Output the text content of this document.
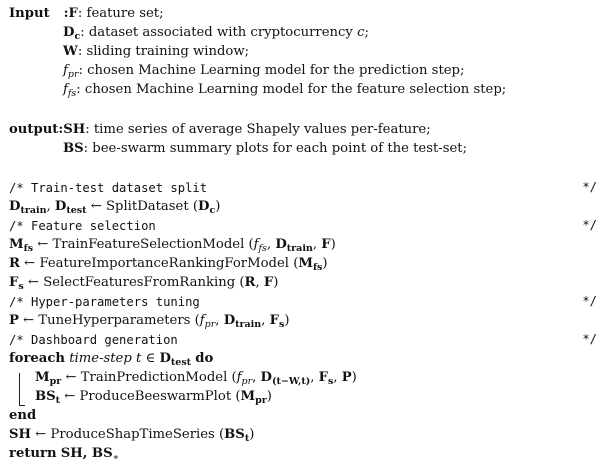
Input :F: feature set;
$D_c$: dataset associated with cryptocurrency c;
W: sliding training window;
$f_{pr}$: chosen Machine Learning model for the prediction step;
$f_{fs}$: chosen Machine Learning model for the feature selection step;
output:SH: time series of average Shapely values per-feature;
BS: bee-swarm summary plots for each point of the test-set;
/* Train-test dataset split	*/
$D_{train}$, $D_{test}$ ← SplitDataset $(D_c)$
/* Feature selection	*/
$M_{fs}$ ← TrainFeatureSelectionModel ($f_{fs}$, $D_{train}$, F)
R ← FeatureImportanceRankingForModel $(M_{fs})$
$F_s$ ← SelectFeaturesFromRanking (R, F)
/* Hyper-parameters tuning	*/
P ← TuneHyperparameters ($f_{pr}$, $D_{train}$, $F_s$)
/* Dashboard generation	*/
foreach time-step t ∈ $D_{test}$ do
$M_{pr}$ ← TrainPredictionModel ($f_{pr}$, $D_{(t-W,t)}$, $F_s$, P)
$BS_t$ ← ProduceBeeswarmPlot $(M_{pr})$
end
SH ← ProduceShapTimeSeries $(BS_t)$
return SH, $BS_∗$
